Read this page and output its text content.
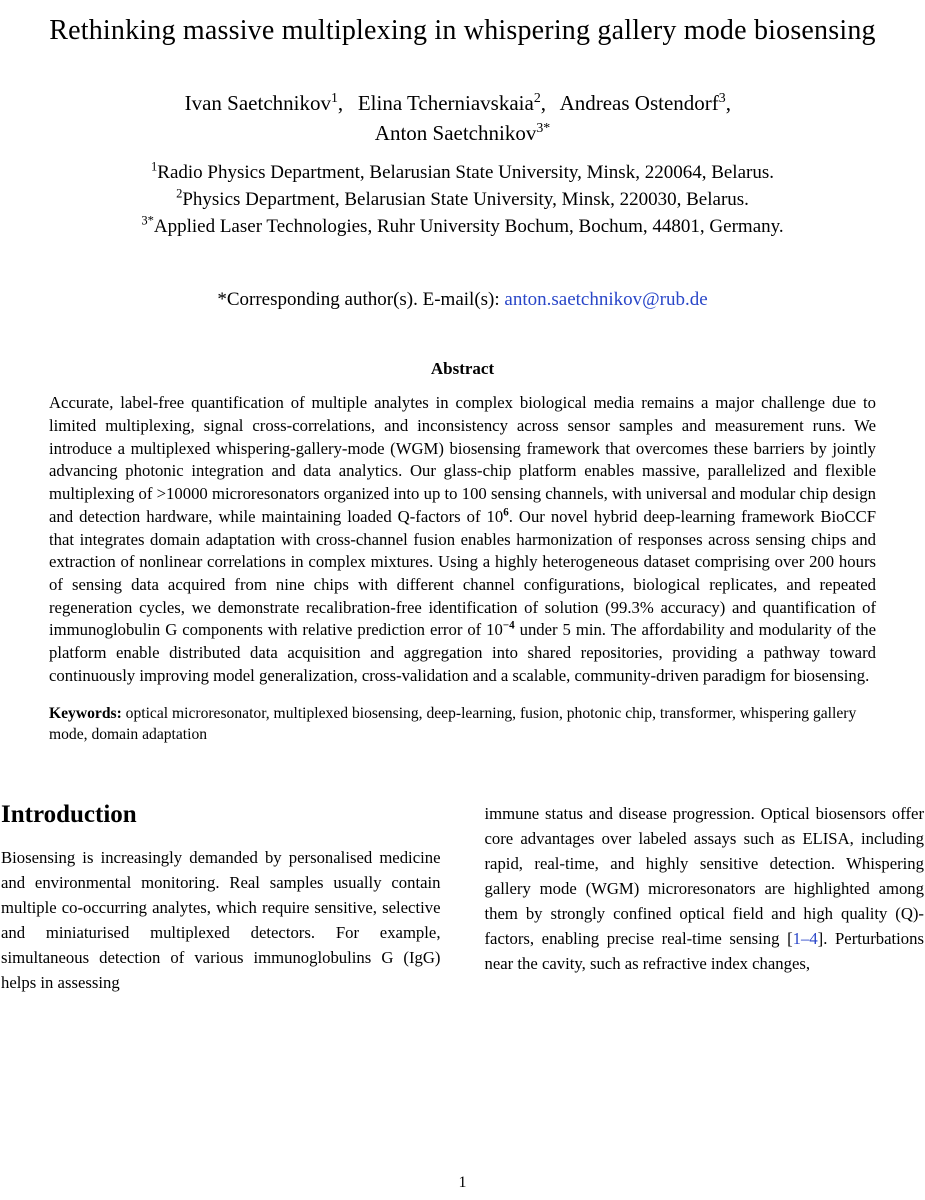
Rethinking massive multiplexing in whispering gallery mode biosensing
Ivan Saetchnikov$^1$, Elina Tcherniavskaia$^2$, Andreas Ostendorf$^3$,
Anton Saetchnikov$^{3*}$
$^1$Radio Physics Department, Belarusian State University, Minsk, 220064, Belarus.
$^2$Physics Department, Belarusian State University, Minsk, 220030, Belarus.
$^{3*}$Applied Laser Technologies, Ruhr University Bochum, Bochum, 44801, Germany.
*Corresponding author(s). E-mail(s): anton.saetchnikov@rub.de
Abstract

Accurate, label-free quantification of multiple analytes in complex biological media remains a major challenge due to limited multiplexing, signal cross-correlations, and inconsistency across sensor samples and measurement runs. We introduce a multiplexed whispering-gallery-mode (WGM) biosensing framework that overcomes these barriers by jointly advancing photonic integration and data analytics. Our glass-chip platform enables massive, parallelized and flexible multiplexing of >10000 microresonators organized into up to 100 sensing channels, with universal and modular chip design and detection hardware, while maintaining loaded Q-factors of $10^6$. Our novel hybrid deep-learning framework BioCCF that integrates domain adaptation with cross-channel fusion enables harmonization of responses across sensing chips and extraction of nonlinear correlations in complex mixtures. Using a highly heterogeneous dataset comprising over 200 hours of sensing data acquired from nine chips with different channel configurations, biological replicates, and repeated regeneration cycles, we demonstrate recalibration-free identification of solution (99.3% accuracy) and quantification of immunoglobulin G components with relative prediction error of $10^{-4}$ under 5 min. The affordability and modularity of the platform enable distributed data acquisition and aggregation into shared repositories, providing a pathway toward continuously improving model generalization, cross-validation and a scalable, community-driven paradigm for biosensing.

Keywords: optical microresonator, multiplexed biosensing, deep-learning, fusion, photonic chip, transformer, whispering gallery mode, domain adaptation

Introduction

Biosensing is increasingly demanded by personalised medicine and environmental monitoring. Real samples usually contain multiple co-occurring analytes, which require sensitive, selective and miniaturised multiplexed detectors. For example, simultaneous detection of various immunoglobulins G (IgG) helps in assessing

immune status and disease progression. Optical biosensors offer core advantages over labeled assays such as ELISA, including rapid, real-time, and highly sensitive detection. Whispering gallery mode (WGM) microresonators are highlighted among them by strongly confined optical field and high quality (Q)-factors, enabling precise real-time sensing [1–4]. Perturbations near the cavity, such as refractive index changes,

1
